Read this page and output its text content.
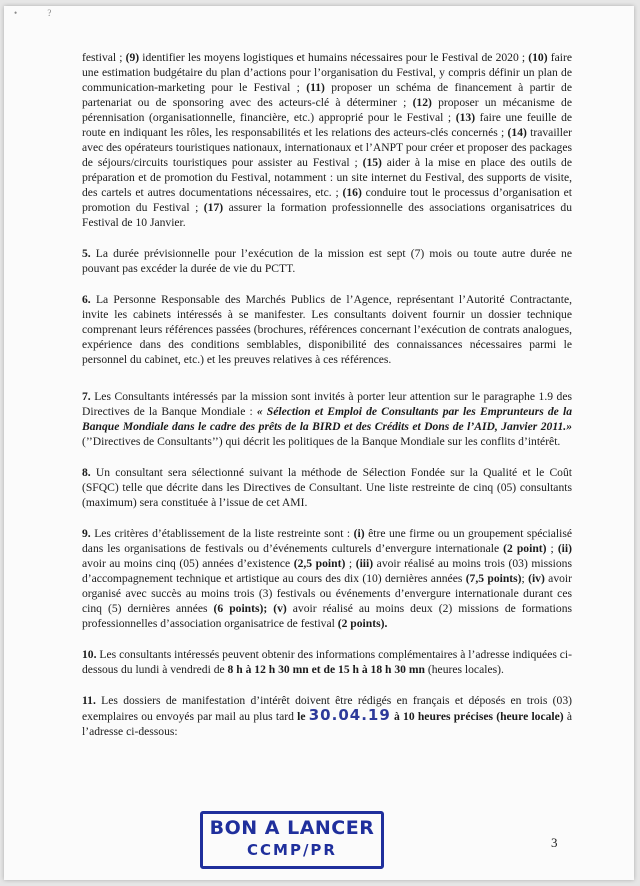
• ?

festival ; (9) identifier les moyens logistiques et humains nécessaires pour le Festival de 2020 ; (10) faire une estimation budgétaire du plan d’actions pour l’organisation du Festival, y compris définir un plan de communication-marketing pour le Festival ; (11) proposer un schéma de financement à partir de partenariat ou de sponsoring avec des acteurs-clé à déterminer ; (12) proposer un mécanisme de pérennisation (organisationnelle, financière, etc.) approprié pour le Festival ; (13) faire une feuille de route en indiquant les rôles, les responsabilités et les relations des acteurs-clés concernés ; (14) travailler avec des opérateurs touristiques nationaux, internationaux et l’ANPT pour créer et proposer des packages de séjours/circuits touristiques pour assister au Festival ; (15) aider à la mise en place des outils de préparation et de promotion du Festival, notamment : un site internet du Festival, des supports de visite, des cartels et autres documentations nécessaires, etc. ; (16) conduire tout le processus d’organisation et promotion du Festival ; (17) assurer la formation professionnelle des associations organisatrices du Festival de 10 Janvier.

5. La durée prévisionnelle pour l’exécution de la mission est sept (7) mois ou toute autre durée ne pouvant pas excéder la durée de vie du PCTT.

6. La Personne Responsable des Marchés Publics de l’Agence, représentant l’Autorité Contractante, invite les cabinets intéressés à se manifester. Les consultants doivent fournir un dossier technique comprenant leurs références passées (brochures, références concernant l’exécution de contrats analogues, expérience dans des conditions semblables, disponibilité des connaissances nécessaires parmi le personnel du cabinet, etc.) et les preuves relatives à ces références.

7. Les Consultants intéressés par la mission sont invités à porter leur attention sur le paragraphe 1.9 des Directives de la Banque Mondiale : « Sélection et Emploi de Consultants par les Emprunteurs de la Banque Mondiale dans le cadre des prêts de la BIRD et des Crédits et Dons de l’AID, Janvier 2011.» (’’Directives de Consultants’’) qui décrit les politiques de la Banque Mondiale sur les conflits d’intérêt.

8. Un consultant sera sélectionné suivant la méthode de Sélection Fondée sur la Qualité et le Coût (SFQC) telle que décrite dans les Directives de Consultant. Une liste restreinte de cinq (05) consultants (maximum) sera constituée à l’issue de cet AMI.

9. Les critères d’établissement de la liste restreinte sont : (i) être une firme ou un groupement spécialisé dans les organisations de festivals ou d’événements culturels d’envergure internationale (2 point) ; (ii) avoir au moins cinq (05) années d’existence (2,5 point) ; (iii) avoir réalisé au moins trois (03) missions d’accompagnement technique et artistique au cours des dix (10) dernières années (7,5 points); (iv) avoir organisé avec succès au moins trois (3) festivals ou événements d’envergure internationale durant ces cinq (5) dernières années (6 points); (v) avoir réalisé au moins deux (2) missions de formations professionnelles d’association organisatrice de festival (2 points).

10. Les consultants intéressés peuvent obtenir des informations complémentaires à l’adresse indiquées ci-dessous du lundi à vendredi de 8 h à 12 h 30 mn et de 15 h à 18 h 30 mn (heures locales).

11. Les dossiers de manifestation d’intérêt doivent être rédigés en français et déposés en trois (03) exemplaires ou envoyés par mail au plus tard le 30.04.19 à 10 heures précises (heure locale) à l’adresse ci-dessous:

BON A LANCER
CCMP/PR	3
